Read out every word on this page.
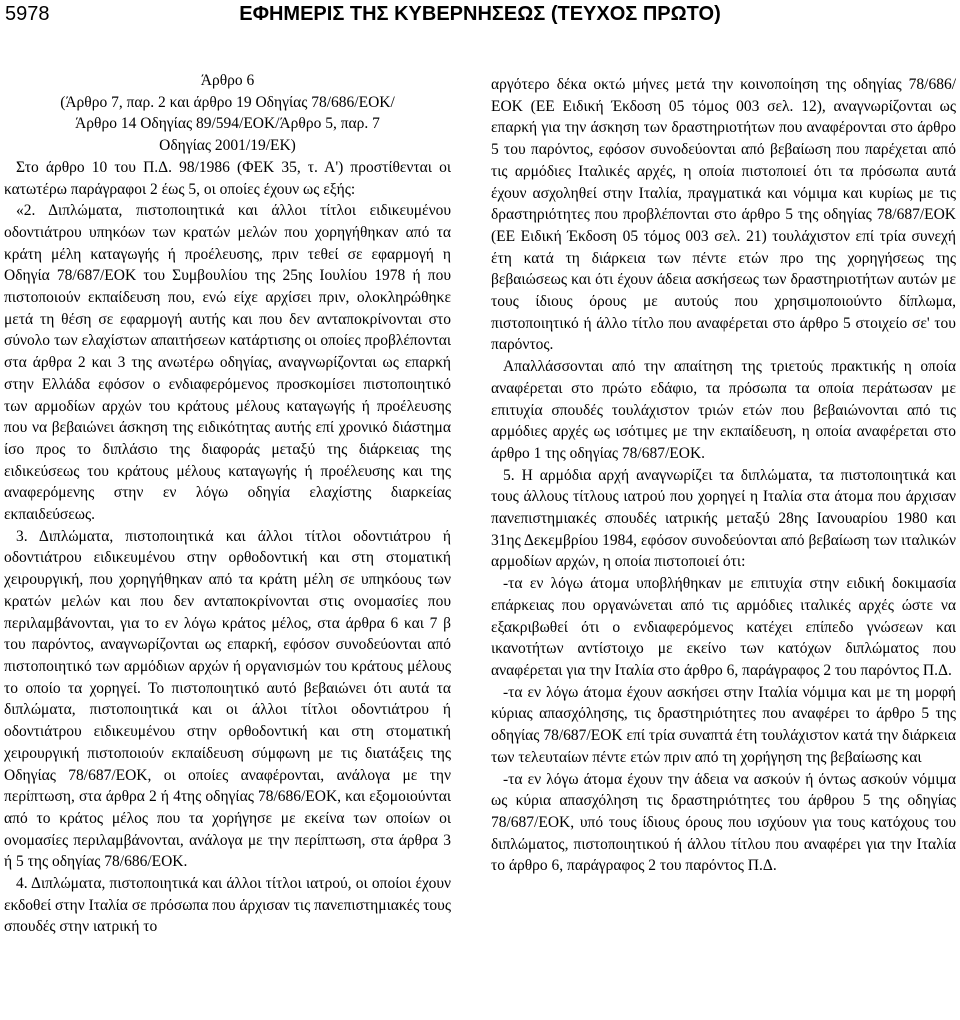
5978	ΕΦΗΜΕΡΙΣ ΤΗΣ ΚΥΒΕΡΝΗΣΕΩΣ (ΤΕΥΧΟΣ ΠΡΩΤΟ)

Άρθρο 6

(Άρθρο 7, παρ. 2 και άρθρο 19 Οδηγίας 78/686/ΕΟΚ/

Άρθρο 14 Οδηγίας 89/594/ΕΟΚ/Άρθρο 5, παρ. 7

Οδηγίας 2001/19/ΕΚ)

Στο άρθρο 10 του Π.Δ. 98/1986 (ΦΕΚ 35, τ. Α') προστίθενται οι κατωτέρω παράγραφοι 2 έως 5, οι οποίες έχουν ως εξής:

«2. Διπλώματα, πιστοποιητικά και άλλοι τίτλοι ειδικευμένου οδοντιάτρου υπηκόων των κρατών μελών που χορηγήθηκαν από τα κράτη μέλη καταγωγής ή προέλευσης, πριν τεθεί σε εφαρμογή η Οδηγία 78/687/ΕΟΚ του Συμβουλίου της 25ης Ιουλίου 1978 ή που πιστοποιούν εκπαίδευση που, ενώ είχε αρχίσει πριν, ολοκληρώθηκε μετά τη θέση σε εφαρμογή αυτής και που δεν ανταποκρίνονται στο σύνολο των ελαχίστων απαιτήσεων κατάρτισης οι οποίες προβλέπονται στα άρθρα 2 και 3 της ανωτέρω οδηγίας, αναγνωρίζονται ως επαρκή στην Ελλάδα εφόσον ο ενδιαφερόμενος προσκομίσει πιστοποιητικό των αρμοδίων αρχών του κράτους μέλους καταγωγής ή προέλευσης που να βεβαιώνει άσκηση της ειδικότητας αυτής επί χρονικό διάστημα ίσο προς το διπλάσιο της διαφοράς μεταξύ της διάρκειας της ειδικεύσεως του κράτους μέλους καταγωγής ή προέλευσης και της αναφερόμενης στην εν λόγω οδηγία ελαχίστης διαρκείας εκπαιδεύσεως.

3. Διπλώματα, πιστοποιητικά και άλλοι τίτλοι οδοντιάτρου ή οδοντιάτρου ειδικευμένου στην ορθοδοντική και στη στοματική χειρουργική, που χορηγήθηκαν από τα κράτη μέλη σε υπηκόους των κρατών μελών και που δεν ανταποκρίνονται στις ονομασίες που περιλαμβάνονται, για το εν λόγω κράτος μέλος, στα άρθρα 6 και 7 β του παρόντος, αναγνωρίζονται ως επαρκή, εφόσον συνοδεύονται από πιστοποιητικό των αρμόδιων αρχών ή οργανισμών του κράτους μέλους το οποίο τα χορηγεί. Το πιστοποιητικό αυτό βεβαιώνει ότι αυτά τα διπλώματα, πιστοποιητικά και οι άλλοι τίτλοι οδοντιάτρου ή οδοντιάτρου ειδικευμένου στην ορθοδοντική και στη στοματική χειρουργική πιστοποιούν εκπαίδευση σύμφωνη με τις διατάξεις της Οδηγίας 78/687/ΕΟΚ, οι οποίες αναφέρονται, ανάλογα με την περίπτωση, στα άρθρα 2 ή 4της οδηγίας 78/686/ΕΟΚ, και εξομοιούνται από το κράτος μέλος που τα χορήγησε με εκείνα των οποίων οι ονομασίες περιλαμβάνονται, ανάλογα με την περίπτωση, στα άρθρα 3 ή 5 της οδηγίας 78/686/ΕΟΚ.

4. Διπλώματα, πιστοποιητικά και άλλοι τίτλοι ιατρού, οι οποίοι έχουν εκδοθεί στην Ιταλία σε πρόσωπα που άρχισαν τις πανεπιστημιακές τους σπουδές στην ιατρική το

αργότερο δέκα οκτώ μήνες μετά την κοινοποίηση της οδηγίας 78/686/ΕΟΚ (ΕΕ Ειδική Έκδοση 05 τόμος 003 σελ. 12), αναγνωρίζονται ως επαρκή για την άσκηση των δραστηριοτήτων που αναφέρονται στο άρθρο 5 του παρόντος, εφόσον συνοδεύονται από βεβαίωση που παρέχεται από τις αρμόδιες Ιταλικές αρχές, η οποία πιστοποιεί ότι τα πρόσωπα αυτά έχουν ασχοληθεί στην Ιταλία, πραγματικά και νόμιμα και κυρίως με τις δραστηριότητες που προβλέπονται στο άρθρο 5 της οδηγίας 78/687/ΕΟΚ (ΕΕ Ειδική Έκδοση 05 τόμος 003 σελ. 21) τουλάχιστον επί τρία συνεχή έτη κατά τη διάρκεια των πέντε ετών προ της χορηγήσεως της βεβαιώσεως και ότι έχουν άδεια ασκήσεως των δραστηριοτήτων αυτών με τους ίδιους όρους με αυτούς που χρησιμοποιούντο δίπλωμα, πιστοποιητικό ή άλλο τίτλο που αναφέρεται στο άρθρο 5 στοιχείο σε' του παρόντος.

Απαλλάσσονται από την απαίτηση της τριετούς πρακτικής η οποία αναφέρεται στο πρώτο εδάφιο, τα πρόσωπα τα οποία περάτωσαν με επιτυχία σπουδές τουλάχιστον τριών ετών που βεβαιώνονται από τις αρμόδιες αρχές ως ισότιμες με την εκπαίδευση, η οποία αναφέρεται στο άρθρο 1 της οδηγίας 78/687/ΕΟΚ.

5. Η αρμόδια αρχή αναγνωρίζει τα διπλώματα, τα πιστοποιητικά και τους άλλους τίτλους ιατρού που χορηγεί η Ιταλία στα άτομα που άρχισαν πανεπιστημιακές σπουδές ιατρικής μεταξύ 28ης Ιανουαρίου 1980 και 31ης Δεκεμβρίου 1984, εφόσον συνοδεύονται από βεβαίωση των ιταλικών αρμοδίων αρχών, η οποία πιστοποιεί ότι:

-τα εν λόγω άτομα υποβλήθηκαν με επιτυχία στην ειδική δοκιμασία επάρκειας που οργανώνεται από τις αρμόδιες ιταλικές αρχές ώστε να εξακριβωθεί ότι ο ενδιαφερόμενος κατέχει επίπεδο γνώσεων και ικανοτήτων αντίστοιχο με εκείνο των κατόχων διπλώματος που αναφέρεται για την Ιταλία στο άρθρο 6, παράγραφος 2 του παρόντος Π.Δ.

-τα εν λόγω άτομα έχουν ασκήσει στην Ιταλία νόμιμα και με τη μορφή κύριας απασχόλησης, τις δραστηριότητες που αναφέρει το άρθρο 5 της οδηγίας 78/687/ΕΟΚ επί τρία συναπτά έτη τουλάχιστον κατά την διάρκεια των τελευταίων πέντε ετών πριν από τη χορήγηση της βεβαίωσης και

-τα εν λόγω άτομα έχουν την άδεια να ασκούν ή όντως ασκούν νόμιμα ως κύρια απασχόληση τις δραστηριότητες του άρθρου 5 της οδηγίας 78/687/ΕΟΚ, υπό τους ίδιους όρους που ισχύουν για τους κατόχους του διπλώματος, πιστοποιητικού ή άλλου τίτλου που αναφέρει για την Ιταλία το άρθρο 6, παράγραφος 2 του παρόντος Π.Δ.
